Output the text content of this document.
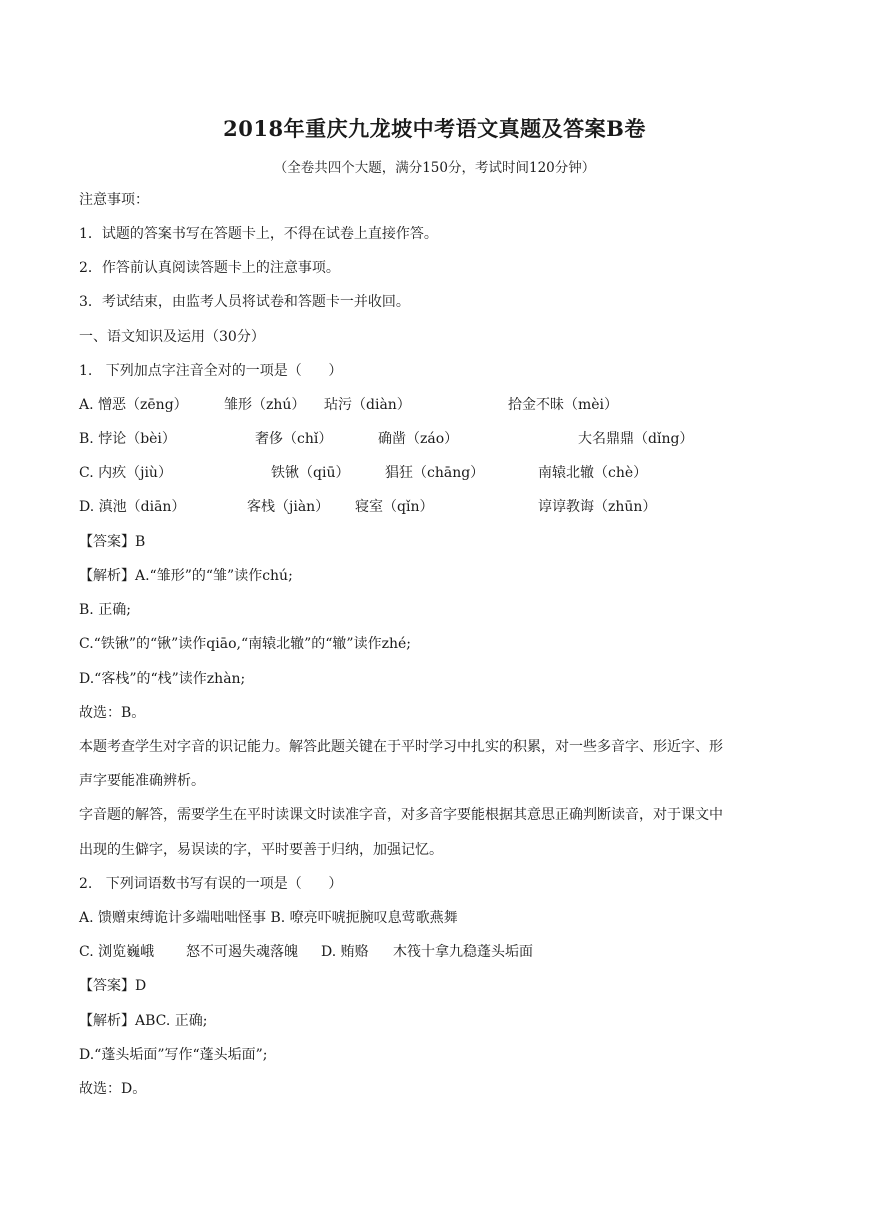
2018年重庆九龙坡中考语文真题及答案B卷
（全卷共四个大题，满分150分，考试时间120分钟）
注意事项：
1．试题的答案书写在答题卡上，不得在试卷上直接作答。
2．作答前认真阅读答题卡上的注意事项。
3．考试结束，由监考人员将试卷和答题卡一并收回。
一、语文知识及运用（30分）
1.   下列加点字注音全对的一项是（      ）
A. 憎恶（zēng）	雏形（zhú） 玷污（diàn）	拾金不昧（mèi）
B. 悖论（bèi）	奢侈（chǐ）	确凿（záo）	大名鼎鼎（dǐng）
C. 内疚（jiù）	铁锹（qiū）	猖狂（chāng）	南辕北辙（chè）
D. 滇池（diān）	客栈（jiàn） 寝室（qǐn）	谆谆教诲（zhūn）
【答案】B
【解析】A.“雏形”的“雏”读作chú;
B. 正确;
C.“铁锹”的“锹”读作qiāo,“南辕北辙”的“辙”读作zhé;
D.“客栈”的“栈”读作zhàn;
故选：B。
本题考查学生对字音的识记能力。解答此题关键在于平时学习中扎实的积累，对一些多音字、形近字、形
声字要能准确辨析。
字音题的解答，需要学生在平时读课文时读准字音，对多音字要能根据其意思正确判断读音，对于课文中
出现的生僻字，易误读的字，平时要善于归纳，加强记忆。
2.   下列词语数书写有误的一项是（      ）
A. 馈赠束缚诡计多端咄咄怪事 B. 嘹亮吓唬扼腕叹息莺歌燕舞
C. 浏览巍峨 怒不可遏失魂落魄 D. 贿赂 木筏十拿九稳蓬头垢面
【答案】D
【解析】ABC. 正确;
D.“蓬头垢面”写作“蓬头垢面”;
故选：D。
